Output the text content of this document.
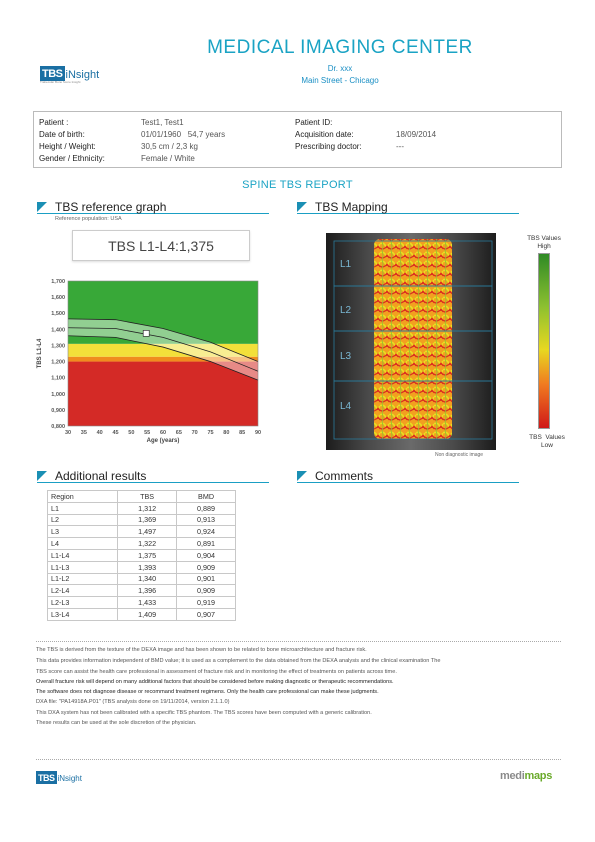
TBS iNsight
Trabecular Bone Score Insight
MEDICAL IMAGING CENTER
Dr. xxx
Main Street - Chicago
Patient :	Test1, Test1
Date of birth:	01/01/1960   54,7 years
Height / Weight:	30,5 cm / 2,3 kg
Gender / Ethnicity:	Female / White
Patient ID:
Acquisition date:	18/09/2014
Prescribing doctor:	---
SPINE TBS REPORT
TBS reference graph
Reference population: USA
TBS L1-L4:1,375
0,800
0,900
1,000
1,100
1,200
1,300
1,400
1,500
1,600
1,700
30 35 40 45 50 55 60 65 70 75 80 85 90
Age (years)
TBS L1-L4
TBS Mapping
L1
L2
L3
L4
Non diagnostic image
TBS Values
High
TBS  Values
Low
Additional results
Region	TBS	BMD
L1	1,312	0,889
L2	1,369	0,913
L3	1,497	0,924
L4	1,322	0,891
L1-L4	1,375	0,904
L1-L3	1,393	0,909
L1-L2	1,340	0,901
L2-L4	1,396	0,909
L2-L3	1,433	0,919
L3-L4	1,409	0,907
Comments
The TBS is derived from the texture of the DEXA image and has been shown to be related to bone microarchitecture and fracture risk.
This data provides information independent of BMD value; it is used as a complement to the data obtained from the DEXA analysis and the clinical examination The
TBS score can assist the health care professional in assessment of fracture risk and in monitoring the effect of treatments on patients across time.
Overall fracture risk will depend on many additional factors that should be considered before making diagnostic or therapeutic recommendations.
The software does not diagnose disease or recommand treatment regimens. Only the health care professional can make these judgments.
DXA file: "PA14918A.P01" (TBS analysis done on 19/11/2014, version 2.1.1.0)
This DXA system has not been calibrated with a specific TBS phantom. The TBS scores have been computed with a generic calibration.
These results can be used at the sole discretion of the physician.
TBS iNsight	medimaps
